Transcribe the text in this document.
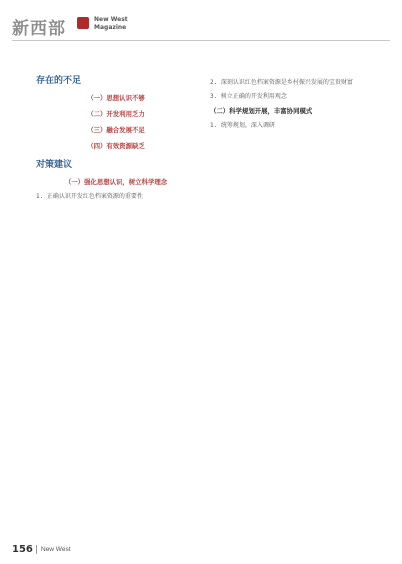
新西部	New West
Magazine
存在的不足

（一）思想认识不够

（二）开发利用乏力

（三）融合发展不足

（四）有效资源缺乏

对策建议
（一）强化思想认识，树立科学理念
1. 正确认识开发红色档案资源的重要性

2. 深刻认识红色档案资源是乡村振兴发展的宝贵财富

3. 树立正确的开发利用观念

（二）科学规划开展，丰富协同模式
1. 统筹规划，深入调研

156 New West
